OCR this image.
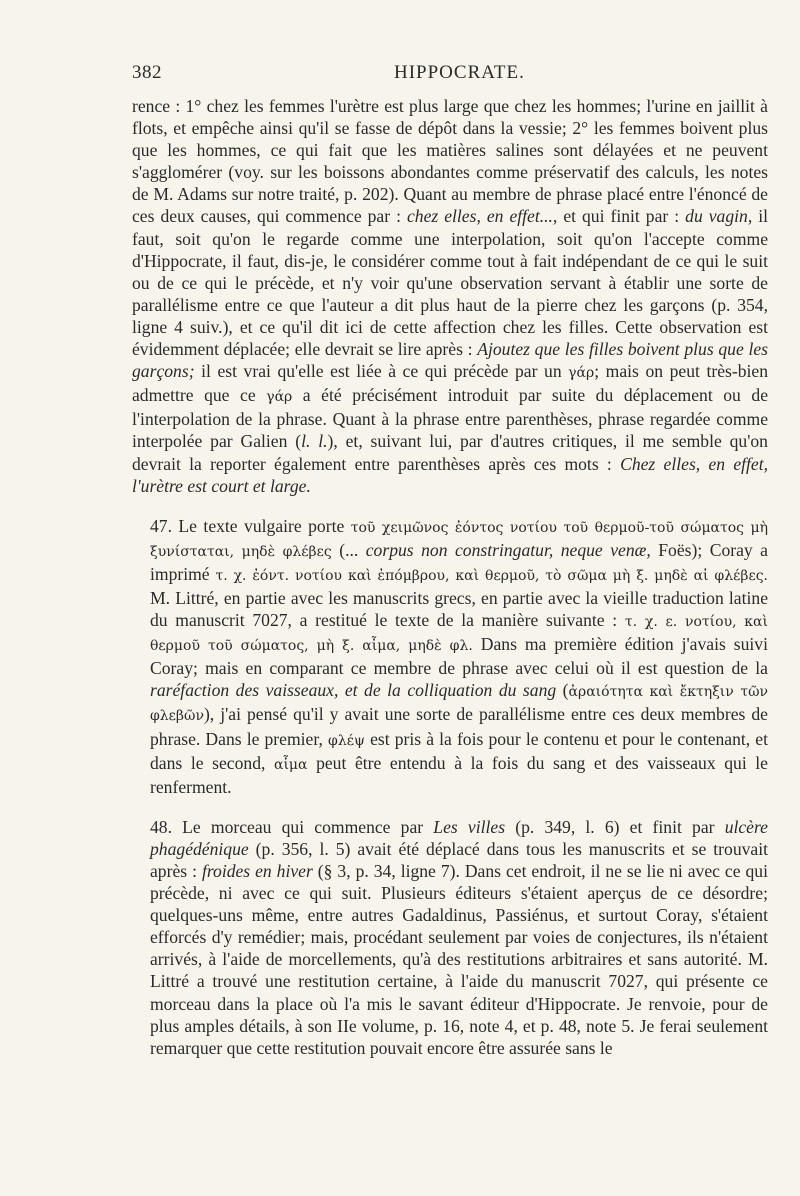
382	HIPPOCRATE.

rence : 1° chez les femmes l'urètre est plus large que chez les hommes; l'urine en jaillit à flots, et empêche ainsi qu'il se fasse de dépôt dans la vessie; 2° les femmes boivent plus que les hommes, ce qui fait que les matières salines sont délayées et ne peuvent s'agglomérer (voy. sur les boissons abondantes comme préservatif des calculs, les notes de M. Adams sur notre traité, p. 202). Quant au membre de phrase placé entre l'énoncé de ces deux causes, qui commence par : chez elles, en effet..., et qui finit par : du vagin, il faut, soit qu'on le regarde comme une interpolation, soit qu'on l'accepte comme d'Hippocrate, il faut, dis-je, le considérer comme tout à fait indépendant de ce qui le suit ou de ce qui le précède, et n'y voir qu'une observation servant à établir une sorte de parallélisme entre ce que l'auteur a dit plus haut de la pierre chez les garçons (p. 354, ligne 4 suiv.), et ce qu'il dit ici de cette affection chez les filles. Cette observation est évidemment déplacée; elle devrait se lire après : Ajoutez que les filles boivent plus que les garçons; il est vrai qu'elle est liée à ce qui précède par un γάρ; mais on peut très-bien admettre que ce γάρ a été précisément introduit par suite du déplacement ou de l'interpolation de la phrase. Quant à la phrase entre parenthèses, phrase regardée comme interpolée par Galien (l. l.), et, suivant lui, par d'autres critiques, il me semble qu'on devrait la reporter également entre parenthèses après ces mots : Chez elles, en effet, l'urètre est court et large.

47. Le texte vulgaire porte τοῦ χειμῶνος ἐόντος νοτίου τοῦ θερμοῦ-τοῦ σώματος μὴ ξυνίσταται, μηδὲ φλέβες (... corpus non constringatur, neque venæ, Foës); Coray a imprimé τ. χ. ἐόντ. νοτίου καὶ ἐπόμβρου, καὶ θερμοῦ, τὸ σῶμα μὴ ξ. μηδὲ αἱ φλέβες. M. Littré, en partie avec les manuscrits grecs, en partie avec la vieille traduction latine du manuscrit 7027, a restitué le texte de la manière suivante : τ. χ. ε. νοτίου, καὶ θερμοῦ τοῦ σώματος, μὴ ξ. αἷμα, μηδὲ φλ. Dans ma première édition j'avais suivi Coray; mais en comparant ce membre de phrase avec celui où il est question de la raréfaction des vaisseaux, et de la colliquation du sang (ἀραιότητα καὶ ἔκτηξιν τῶν φλεβῶν), j'ai pensé qu'il y avait une sorte de parallélisme entre ces deux membres de phrase. Dans le premier, φλέψ est pris à la fois pour le contenu et pour le contenant, et dans le second, αἷμα peut être entendu à la fois du sang et des vaisseaux qui le renferment.

48. Le morceau qui commence par Les villes (p. 349, l. 6) et finit par ulcère phagédénique (p. 356, l. 5) avait été déplacé dans tous les manuscrits et se trouvait après : froides en hiver (§ 3, p. 34, ligne 7). Dans cet endroit, il ne se lie ni avec ce qui précède, ni avec ce qui suit. Plusieurs éditeurs s'étaient aperçus de ce désordre; quelques-uns même, entre autres Gadaldinus, Passiénus, et surtout Coray, s'étaient efforcés d'y remédier; mais, procédant seulement par voies de conjectures, ils n'étaient arrivés, à l'aide de morcellements, qu'à des restitutions arbitraires et sans autorité. M. Littré a trouvé une restitution certaine, à l'aide du manuscrit 7027, qui présente ce morceau dans la place où l'a mis le savant éditeur d'Hippocrate. Je renvoie, pour de plus amples détails, à son IIe volume, p. 16, note 4, et p. 48, note 5. Je ferai seulement remarquer que cette restitution pouvait encore être assurée sans le
